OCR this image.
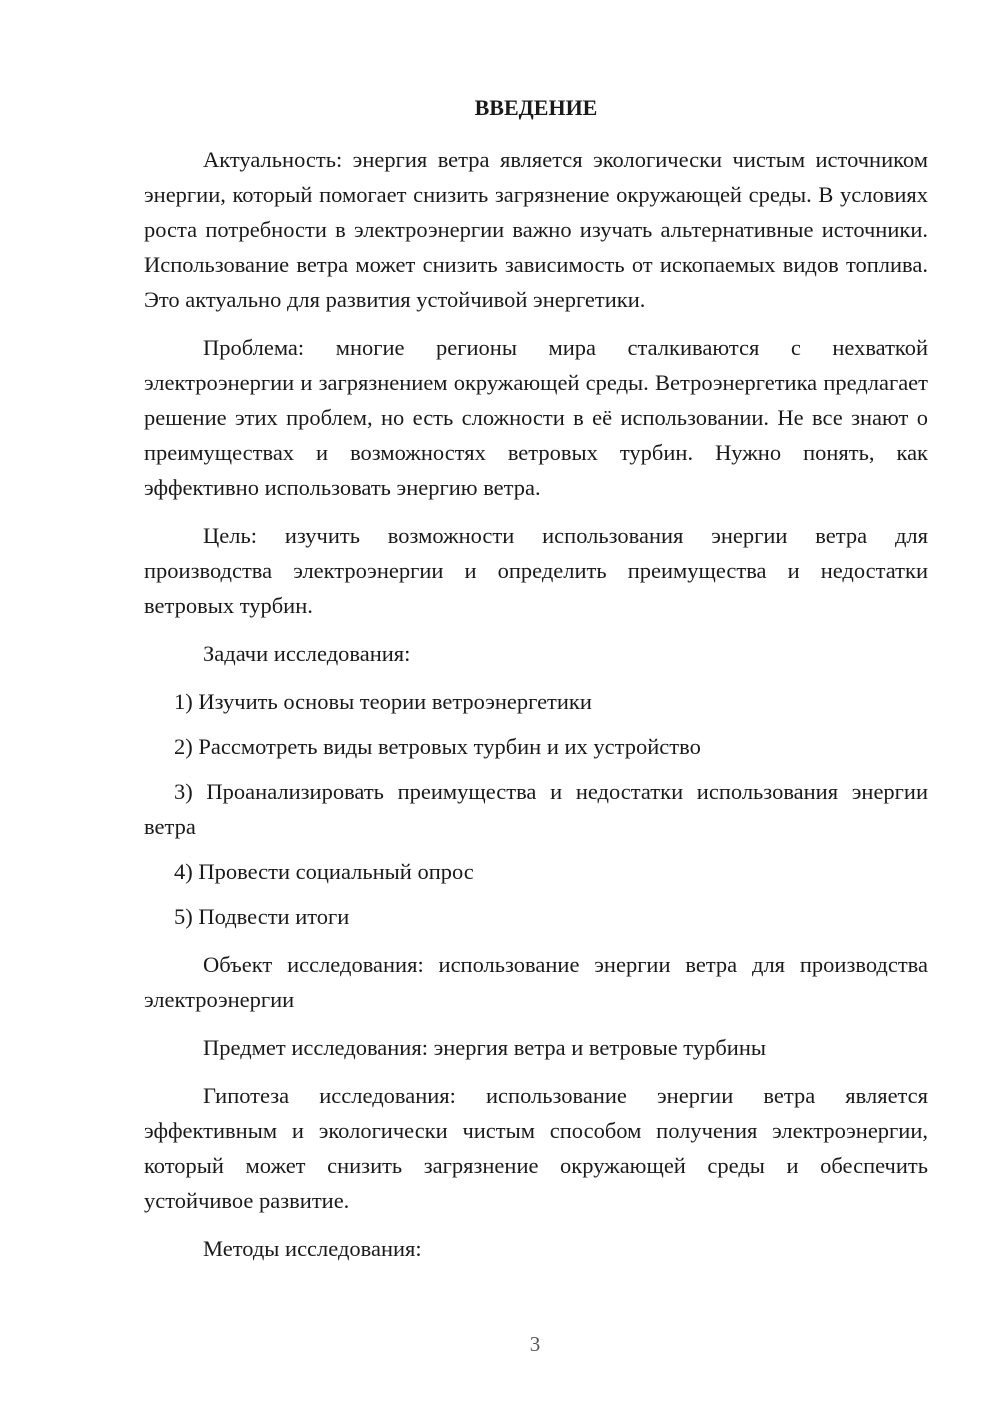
ВВЕДЕНИЕ

Актуальность: энергия ветра является экологически чистым источником энергии, который помогает снизить загрязнение окружающей среды. В условиях роста потребности в электроэнергии важно изучать альтернативные источники. Использование ветра может снизить зависимость от ископаемых видов топлива. Это актуально для развития устойчивой энергетики.

Проблема: многие регионы мира сталкиваются с нехваткой электроэнергии и загрязнением окружающей среды. Ветроэнергетика предлагает решение этих проблем, но есть сложности в её использовании. Не все знают о преимуществах и возможностях ветровых турбин. Нужно понять, как эффективно использовать энергию ветра.

Цель: изучить возможности использования энергии ветра для производства электроэнергии и определить преимущества и недостатки ветровых турбин.

Задачи исследования:

1) Изучить основы теории ветроэнергетики

2) Рассмотреть виды ветровых турбин и их устройство

3) Проанализировать преимущества и недостатки использования энергии ветра

4) Провести социальный опрос

5) Подвести итоги

Объект исследования: использование энергии ветра для производства электроэнергии

Предмет исследования: энергия ветра и ветровые турбины

Гипотеза исследования: использование энергии ветра является эффективным и экологически чистым способом получения электроэнергии, который может снизить загрязнение окружающей среды и обеспечить устойчивое развитие.

Методы исследования:

3
